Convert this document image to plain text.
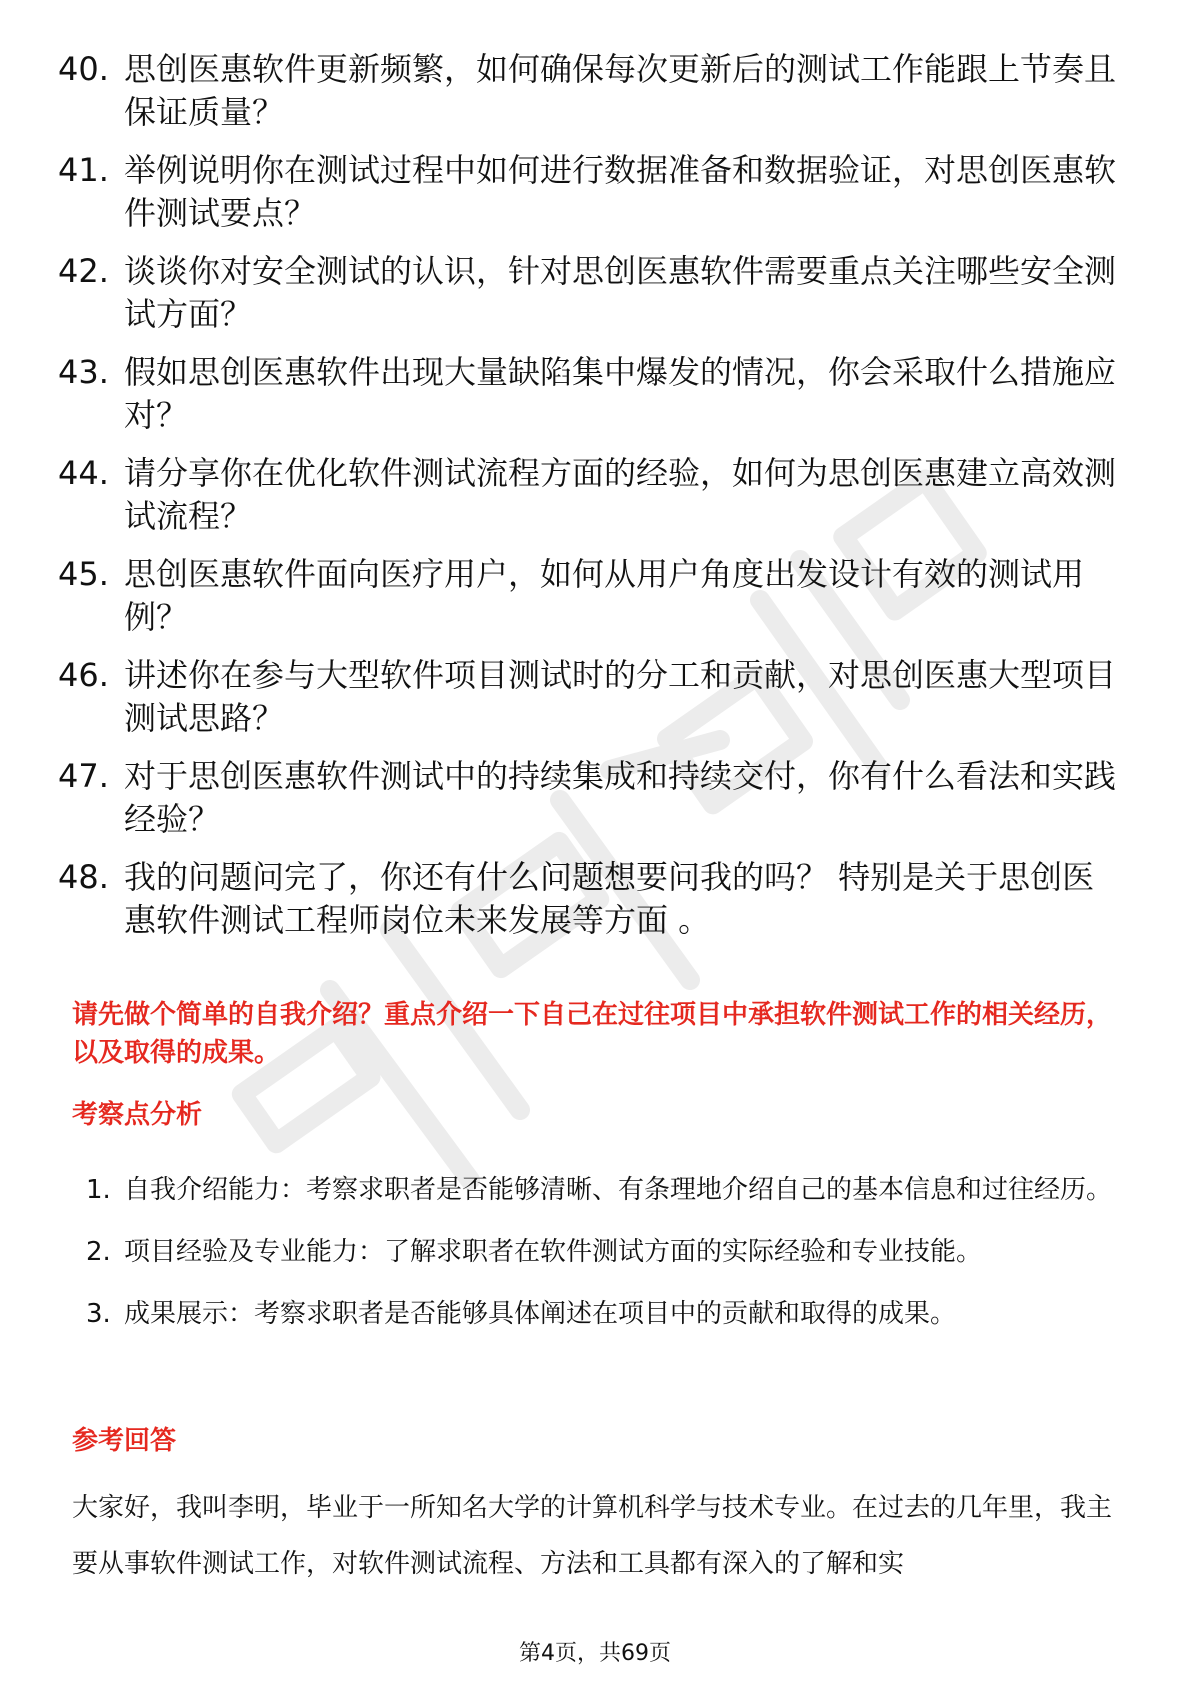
40. 思创医惠软件更新频繁，如何确保每次更新后的测试工作能跟上节奏且保证质量？
41. 举例说明你在测试过程中如何进行数据准备和数据验证，对思创医惠软件测试要点？
42. 谈谈你对安全测试的认识，针对思创医惠软件需要重点关注哪些安全测试方面？
43. 假如思创医惠软件出现大量缺陷集中爆发的情况，你会采取什么措施应对？
44. 请分享你在优化软件测试流程方面的经验，如何为思创医惠建立高效测试流程？
45. 思创医惠软件面向医疗用户，如何从用户角度出发设计有效的测试用例？
46. 讲述你在参与大型软件项目测试时的分工和贡献，对思创医惠大型项目测试思路？
47. 对于思创医惠软件测试中的持续集成和持续交付，你有什么看法和实践经验？
48. 我的问题问完了，你还有什么问题想要问我的吗？ 特别是关于思创医惠软件测试工程师岗位未来发展等方面 。

请先做个简单的自我介绍？重点介绍一下自己在过往项目中承担软件测试工作的相关经历，以及取得的成果。

考察点分析
1. 自我介绍能力：考察求职者是否能够清晰、有条理地介绍自己的基本信息和过往经历。
2. 项目经验及专业能力：了解求职者在软件测试方面的实际经验和专业技能。
3. 成果展示：考察求职者是否能够具体阐述在项目中的贡献和取得的成果。
参考回答

大家好，我叫李明，毕业于一所知名大学的计算机科学与技术专业。在过去的几年里，我主要从事软件测试工作，对软件测试流程、方法和工具都有深入的了解和实

第4页，共69页
